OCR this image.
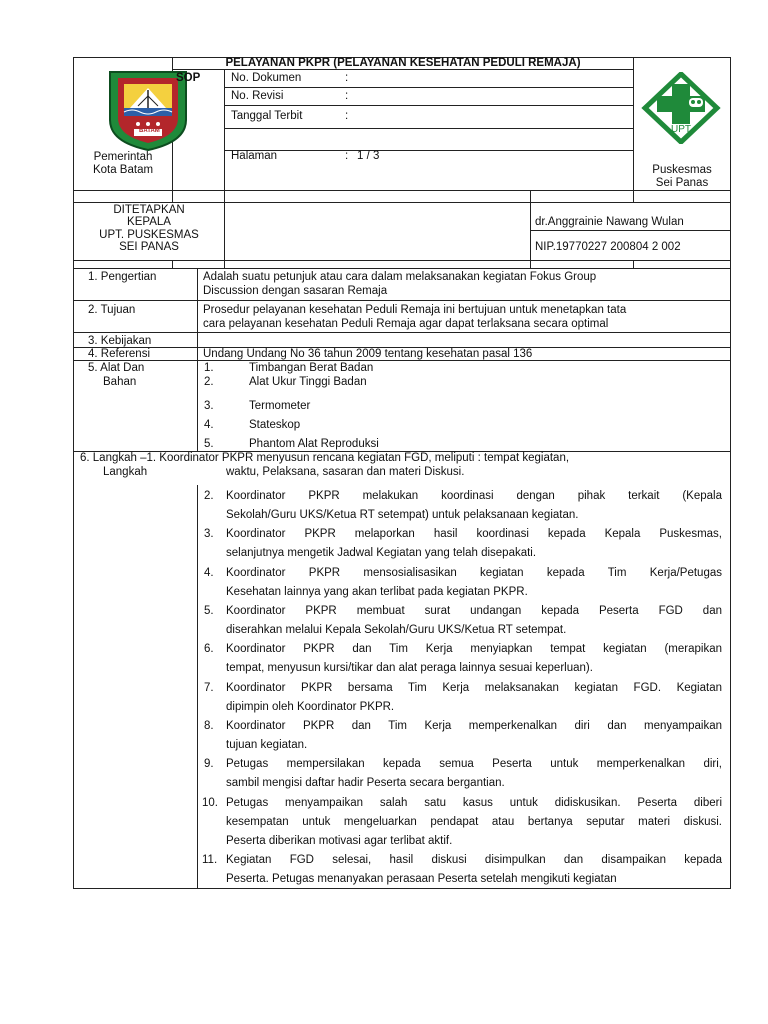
BATAM
Pemerintah
Kota Batam
PELAYANAN PKPR (PELAYANAN KESEHATAN PEDULI REMAJA)
SOP	No. Dokumen	:
No. Revisi	:
Tanggal Terbit	:
Halaman	: 1 / 3
UPT
Puskesmas
Sei Panas
DITETAPKAN
KEPALA
UPT. PUSKESMAS
SEI PANAS
dr.Anggrainie Nawang Wulan
NIP.19770227 200804 2 002
1. Pengertian	Adalah suatu petunjuk atau cara dalam melaksanakan kegiatan Fokus Group
Discussion dengan sasaran Remaja
2. Tujuan	Prosedur pelayanan kesehatan Peduli Remaja ini bertujuan untuk menetapkan tata
cara pelayanan kesehatan Peduli Remaja agar dapat terlaksana secara optimal
3. Kebijakan
4. Referensi	Undang Undang No 36 tahun 2009 tentang kesehatan pasal 136
5. Alat Dan
Bahan
1.	Timbangan Berat Badan
2.	Alat Ukur Tinggi Badan
3.	Termometer
4.	Stateskop
5.	Phantom Alat Reproduksi
6. Langkah –1. Koordinator PKPR menyusun rencana kegiatan FGD, meliputi : tempat kegiatan,
Langkah	waktu, Pelaksana, sasaran dan materi Diskusi.
2. Koordinator PKPR melakukan koordinasi dengan pihak terkait (Kepala
Sekolah/Guru UKS/Ketua RT setempat) untuk pelaksanaan kegiatan.
3. Koordinator PKPR melaporkan hasil koordinasi kepada Kepala Puskesmas,
selanjutnya mengetik Jadwal Kegiatan yang telah disepakati.
4. Koordinator PKPR mensosialisasikan kegiatan kepada Tim Kerja/Petugas
Kesehatan lainnya yang akan terlibat pada kegiatan PKPR.
5. Koordinator PKPR membuat surat undangan kepada Peserta FGD dan
diserahkan melalui Kepala Sekolah/Guru UKS/Ketua RT setempat.
6. Koordinator PKPR dan Tim Kerja menyiapkan tempat kegiatan (merapikan
tempat, menyusun kursi/tikar dan alat peraga lainnya sesuai keperluan).
7. Koordinator PKPR bersama Tim Kerja melaksanakan kegiatan FGD. Kegiatan
dipimpin oleh Koordinator PKPR.
8. Koordinator PKPR dan Tim Kerja memperkenalkan diri dan menyampaikan
tujuan kegiatan.
9. Petugas mempersilakan kepada semua Peserta untuk memperkenalkan diri,
sambil mengisi daftar hadir Peserta secara bergantian.
10. Petugas menyampaikan salah satu kasus untuk didiskusikan. Peserta diberi
kesempatan untuk mengeluarkan pendapat atau bertanya seputar materi diskusi.
Peserta diberikan motivasi agar terlibat aktif.
11. Kegiatan FGD selesai, hasil diskusi disimpulkan dan disampaikan kepada
Peserta. Petugas menanyakan perasaan Peserta setelah mengikuti kegiatan
